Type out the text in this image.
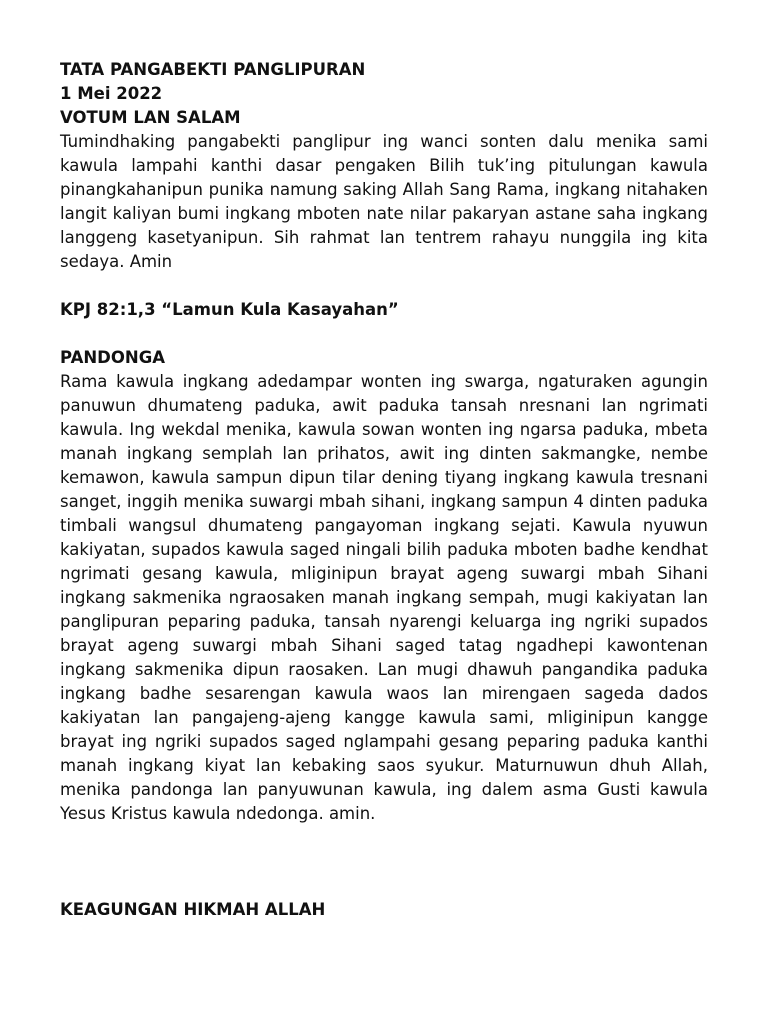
TATA PANGABEKTI PANGLIPURAN

1 Mei 2022

VOTUM LAN SALAM

Tumindhaking pangabekti panglipur ing wanci sonten dalu menika sami kawula lampahi kanthi dasar pengaken Bilih tuk’ing pitulungan kawula pinangkahanipun punika namung saking Allah Sang Rama, ingkang nitahaken langit kaliyan bumi ingkang mboten nate nilar pakaryan astane saha ingkang langgeng kasetyanipun. Sih rahmat lan tentrem rahayu nunggila ing kita sedaya. Amin

KPJ 82:1,3 “Lamun Kula Kasayahan”

PANDONGA

Rama kawula ingkang adedampar wonten ing swarga, ngaturaken agungin panuwun dhumateng paduka, awit paduka tansah nresnani lan ngrimati kawula. Ing wekdal menika, kawula sowan wonten ing ngarsa paduka, mbeta manah ingkang semplah lan prihatos, awit ing dinten sakmangke, nembe kemawon, kawula sampun dipun tilar dening tiyang ingkang kawula tresnani sanget, inggih menika suwargi mbah sihani, ingkang sampun 4 dinten paduka timbali wangsul dhumateng pangayoman ingkang sejati. Kawula nyuwun kakiyatan, supados kawula saged ningali bilih paduka mboten badhe kendhat ngrimati gesang kawula, mliginipun brayat ageng suwargi mbah Sihani ingkang sakmenika ngraosaken manah ingkang sempah, mugi kakiyatan lan panglipuran peparing paduka, tansah nyarengi keluarga ing ngriki supados brayat ageng suwargi mbah Sihani saged tatag ngadhepi kawontenan ingkang sakmenika dipun raosaken. Lan mugi dhawuh pangandika paduka ingkang badhe sesarengan kawula waos lan mirengaen sageda dados kakiyatan lan pangajeng-ajeng kangge kawula sami, mliginipun kangge brayat ing ngriki supados saged nglampahi gesang peparing paduka kanthi manah ingkang kiyat lan kebaking saos syukur. Maturnuwun dhuh Allah, menika pandonga lan panyuwunan kawula, ing dalem asma Gusti kawula Yesus Kristus kawula ndedonga. amin.

KEAGUNGAN HIKMAH ALLAH
